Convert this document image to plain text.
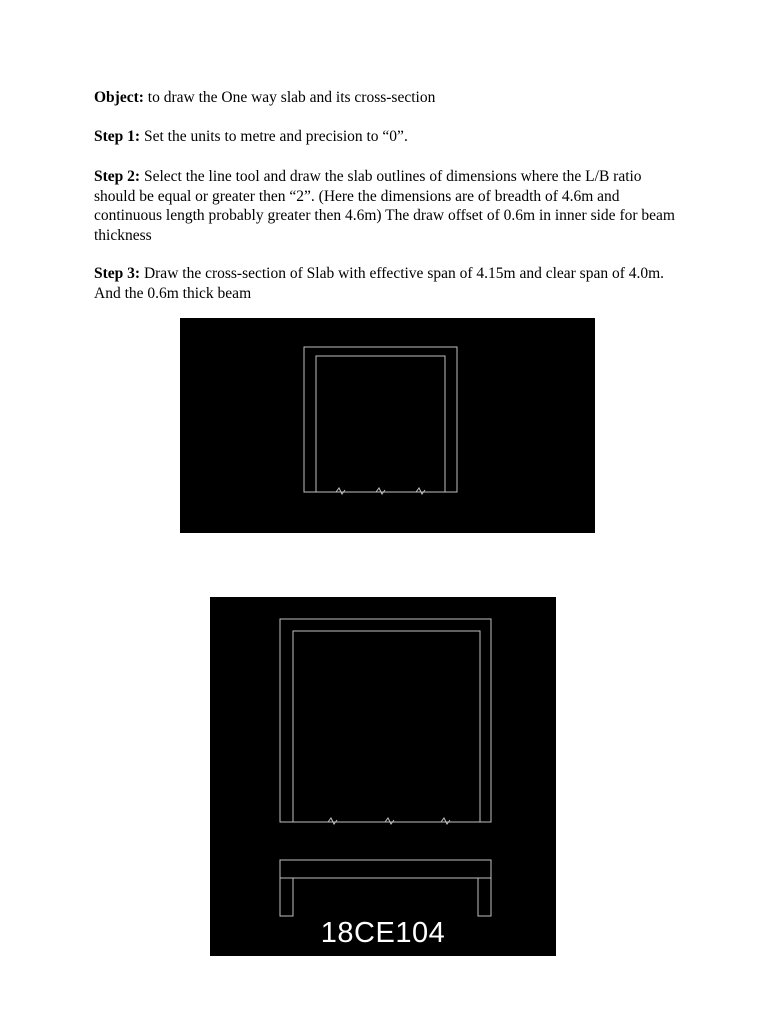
Object: to draw the One way slab and its cross-section

Step 1: Set the units to metre and precision to “0”.

Step 2: Select the line tool and draw the slab outlines of dimensions where the L/B ratio should be equal or greater then “2”. (Here the dimensions are of breadth of 4.6m and continuous length probably greater then 4.6m) The draw offset of 0.6m in inner side for beam thickness

Step 3: Draw the cross-section of Slab with effective span of 4.15m and clear span of 4.0m. And the 0.6m thick beam

18CE104
